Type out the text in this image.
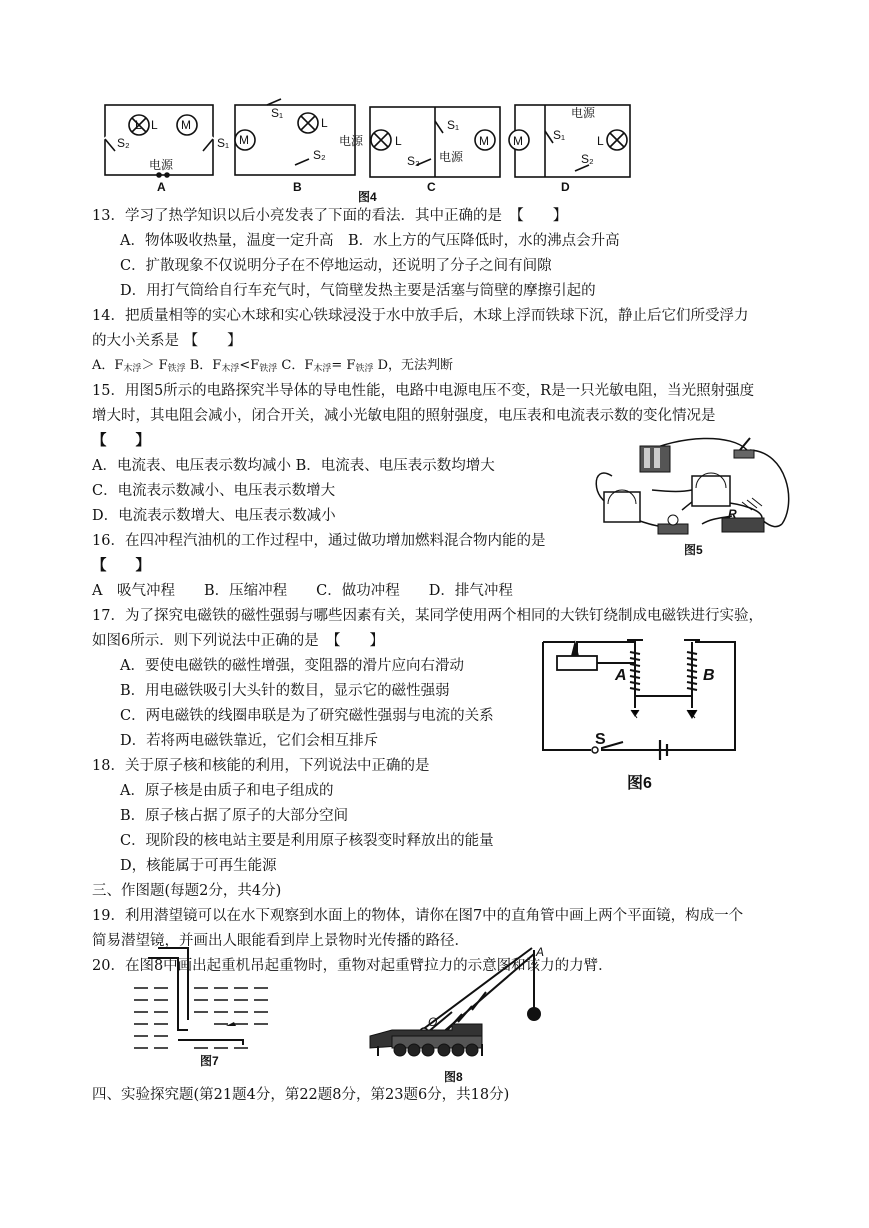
L L M
S₂	S₁
电源
A
M
L
S₁
S₂
电源
B
L	M
S₁
S₂ 电源
C
M	L
S₁
S₂
电源
D
图4
13．学习了热学知识以后小亮发表了下面的看法．其中正确的是　【　　】
A．物体吸收热量，温度一定升高　B．水上方的气压降低时，水的沸点会升高
C．扩散现象不仅说明分子在不停地运动，还说明了分子之间有间隙
D．用打气筒给自行车充气时，气筒壁发热主要是活塞与筒壁的摩擦引起的
14．把质量相等的实心木球和实心铁球浸没于水中放手后，木球上浮而铁球下沉，静止后它们所受浮力
的大小关系是 【　　】
A．$F_{木浮}> F_{铁浮}$ B．$F_{木浮}<F_{铁浮}$ C．$F_{木浮}= F_{铁浮}$ D，无法判断
15．用图5所示的电路探究半导体的导电性能，电路中电源电压不变，R是一只光敏电阻，当光照射强度
增大时，其电阻会减小，闭合开关，减小光敏电阻的照射强度，电压表和电流表示数的变化情况是
【　　】
A．电流表、电压表示数均减小 B．电流表、电压表示数均增大
C．电流表示数减小、电压表示数增大
D．电流表示数增大、电压表示数减小	R
图5
16．在四冲程汽油机的工作过程中，通过做功增加燃料混合物内能的是
【　　】
A　吸气冲程　　B．压缩冲程　　C．做功冲程　　D．排气冲程
17．为了探究电磁铁的磁性强弱与哪些因素有关，某同学使用两个相同的大铁钉绕制成电磁铁进行实验，
如图6所示．则下列说法中正确的是　【　　】
A．要使电磁铁的磁性增强，变阻器的滑片应向右滑动
B．用电磁铁吸引大头针的数目，显示它的磁性强弱
C．两电磁铁的线圈串联是为了研究磁性强弱与电流的关系
D．若将两电磁铁靠近，它们会相互排斥
A	B
S
图6
18．关于原子核和核能的利用，下列说法中正确的是
A．原子核是由质子和电子组成的
B．原子核占据了原子的大部分空间
C．现阶段的核电站主要是利用原子核裂变时释放出的能量
D，核能属于可再生能源
三、作图题(每题2分，共4分)
19．利用潜望镜可以在水下观察到水面上的物体，请你在图7中的直角管中画上两个平面镜，构成一个
简易潜望镜，并画出人眼能看到岸上景物时光传播的路径．
20．在图8中画出起重机吊起重物时，重物对起重臂拉力的示意图和该力的力臂．
图7
A
O
图8
四、实验探究题(第21题4分，第22题8分，第23题6分，共18分)
